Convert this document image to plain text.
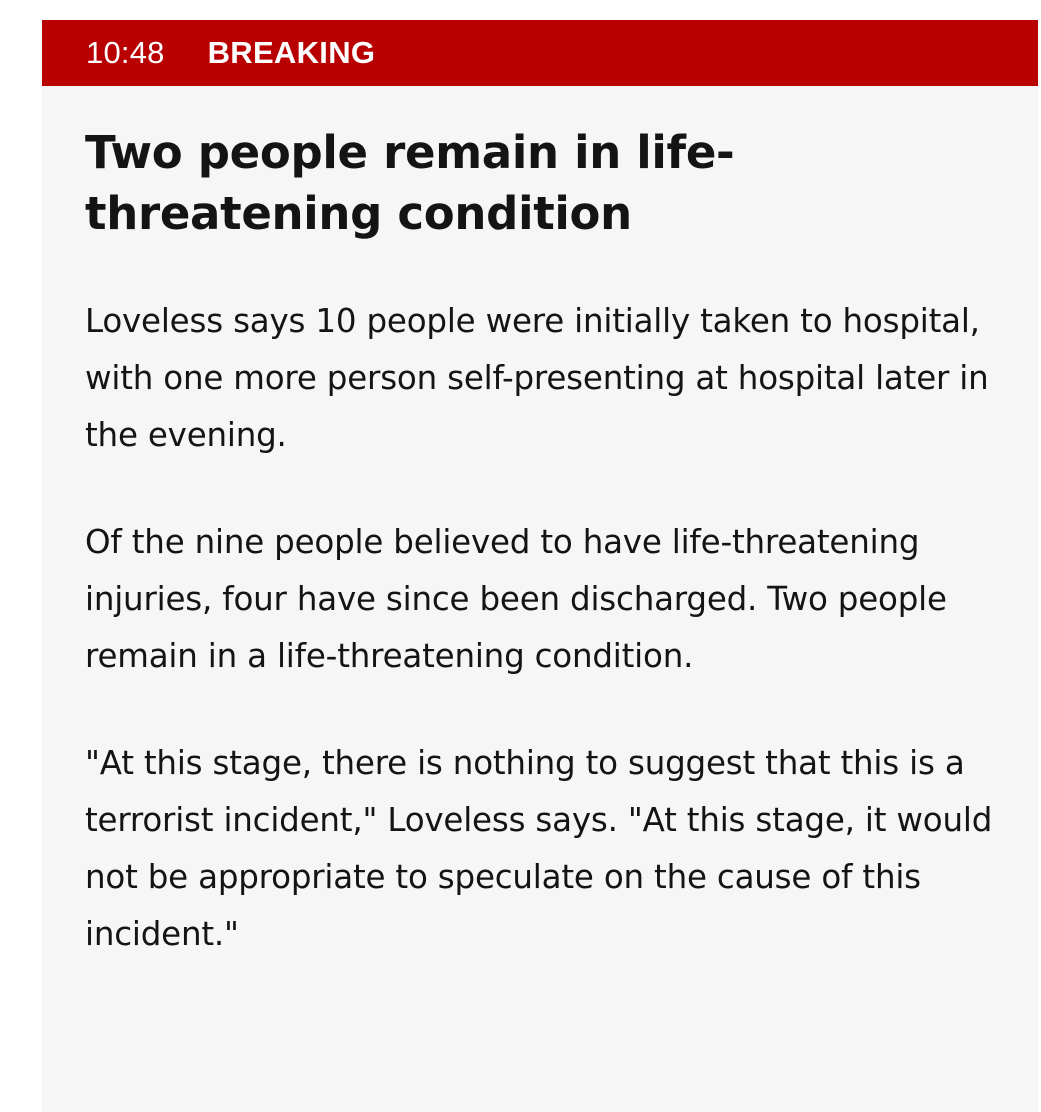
10:48 BREAKING
Two people remain in life-threatening condition

Loveless says 10 people were initially taken to hospital, with one more person self-presenting at hospital later in the evening.

Of the nine people believed to have life-threatening injuries, four have since been discharged. Two people remain in a life-threatening condition.

"At this stage, there is nothing to suggest that this is a terrorist incident," Loveless says. "At this stage, it would not be appropriate to speculate on the cause of this incident."
